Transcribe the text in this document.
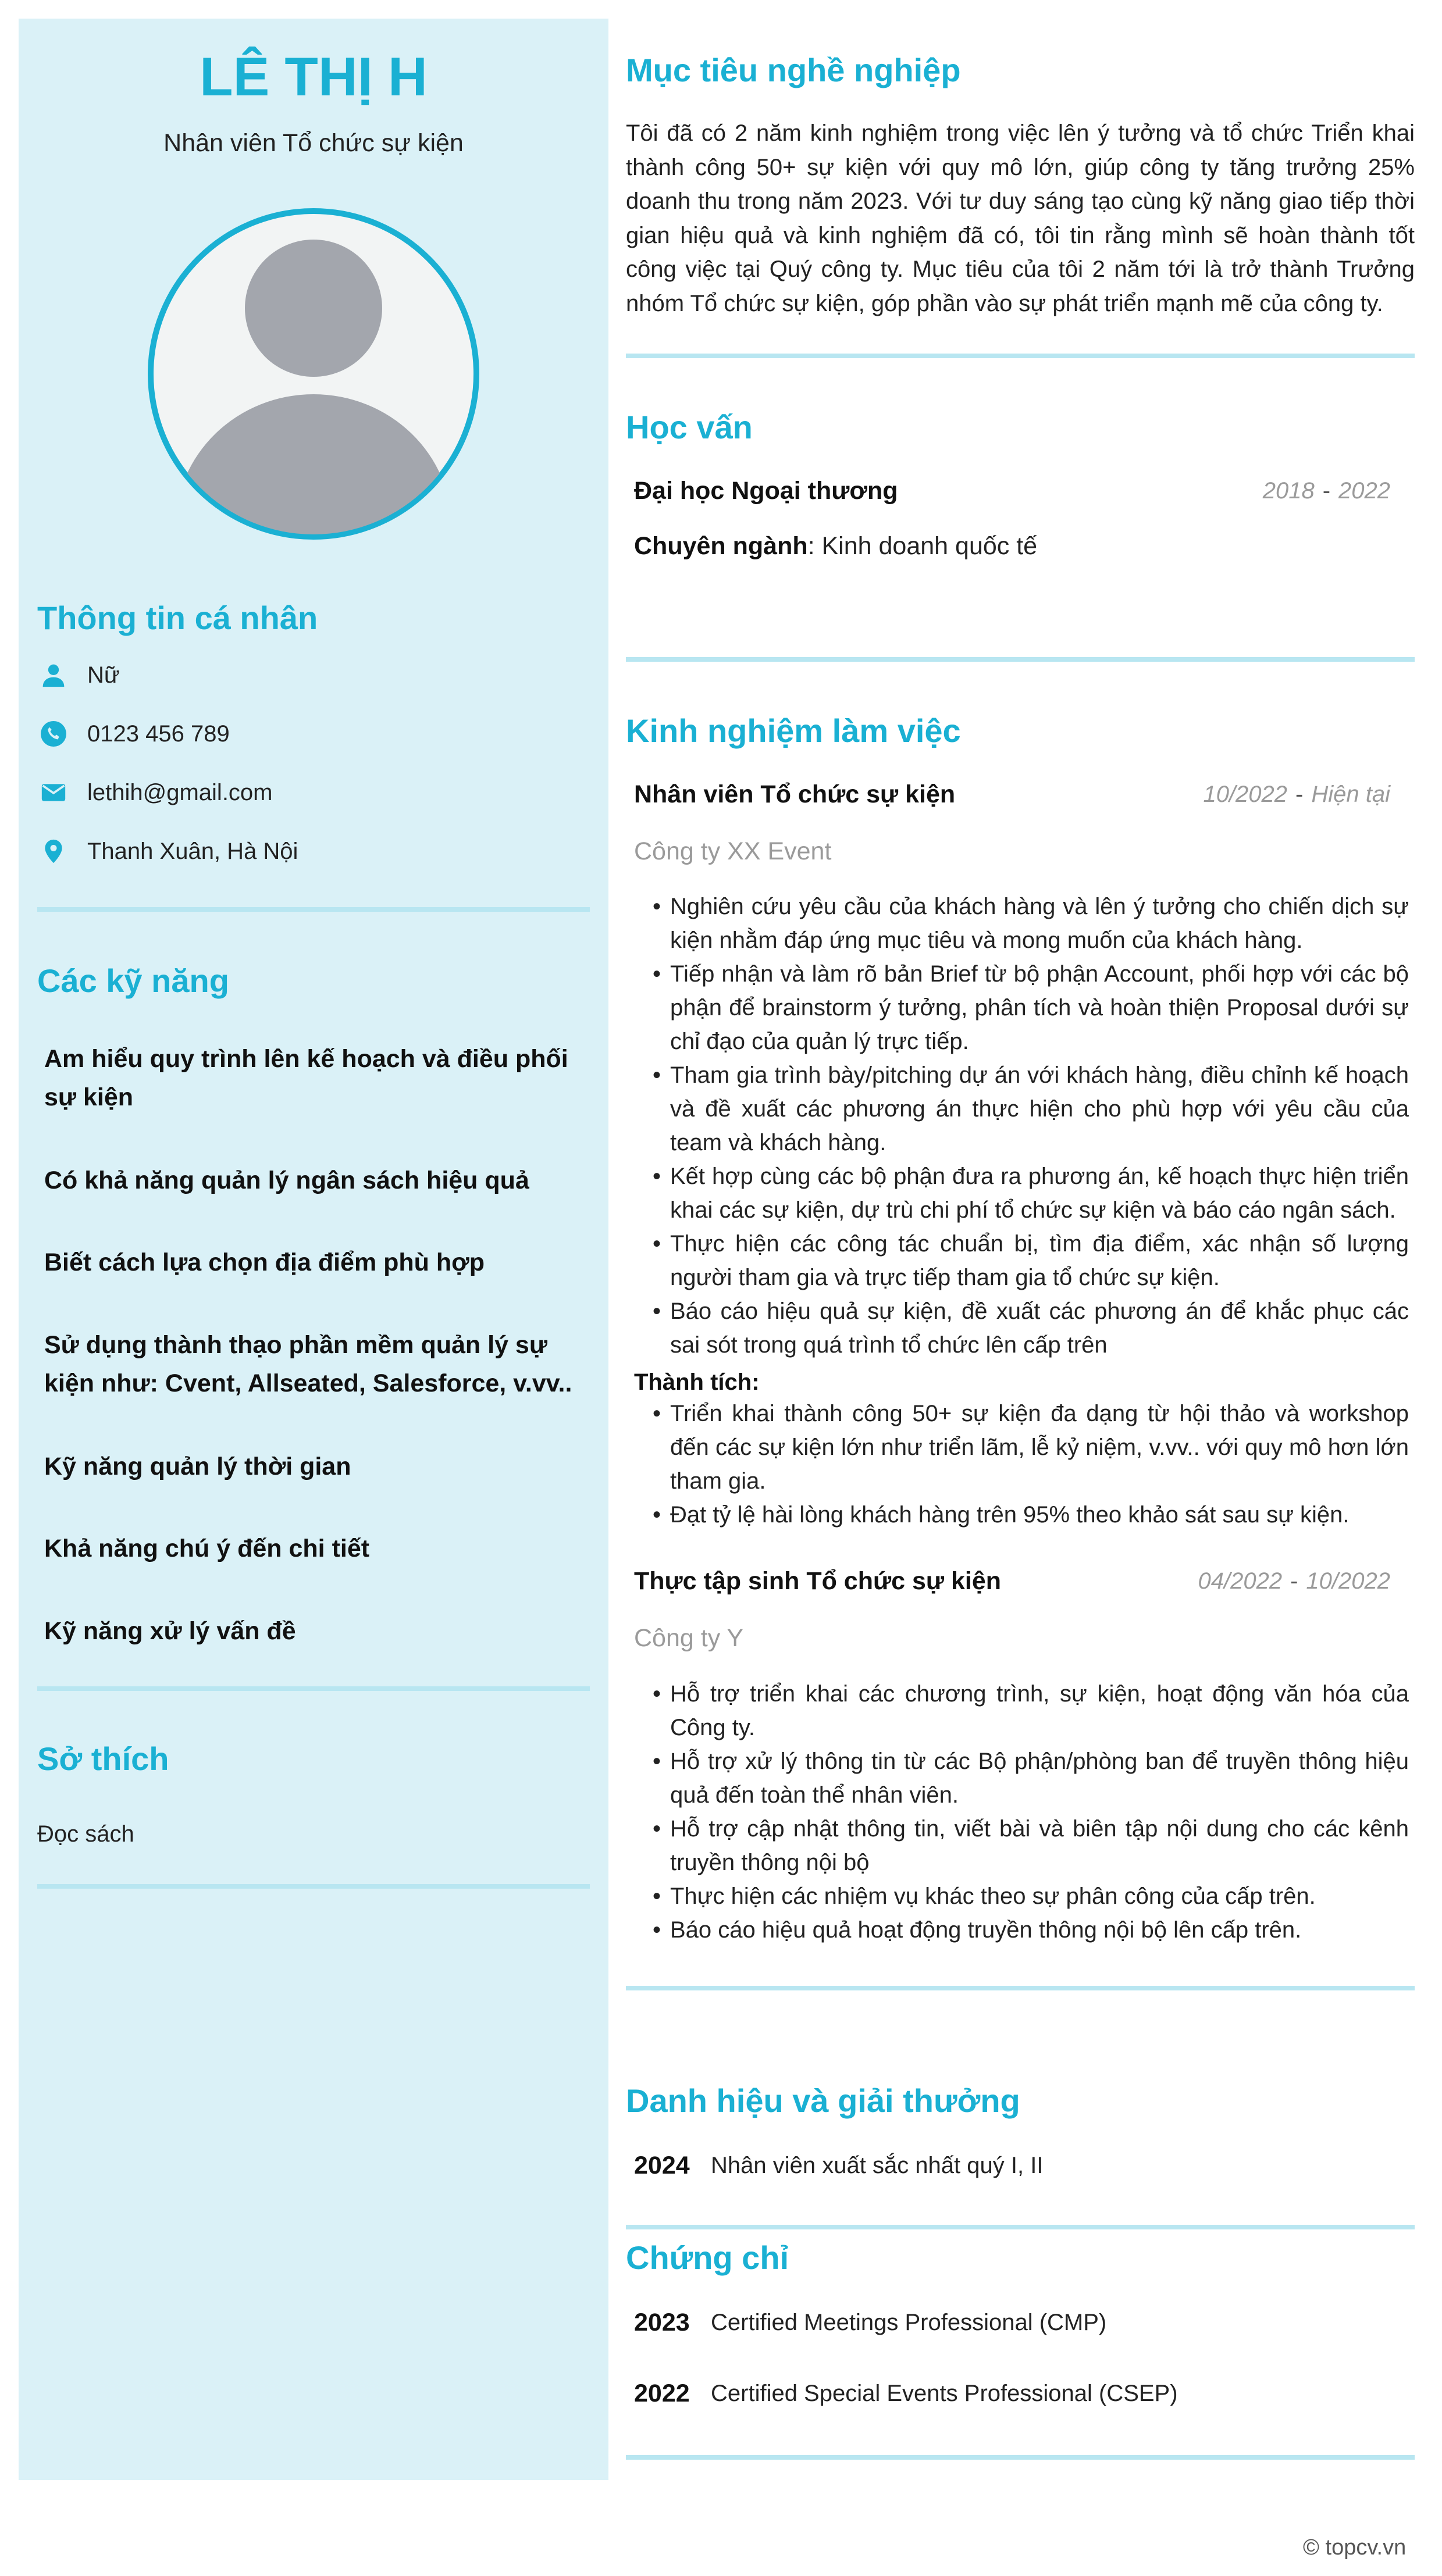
LÊ THỊ H
Nhân viên Tổ chức sự kiện
Thông tin cá nhân
Nữ
0123 456 789
lethih@gmail.com
Thanh Xuân, Hà Nội
Các kỹ năng
Am hiểu quy trình lên kế hoạch và điều phối sự kiện
Có khả năng quản lý ngân sách hiệu quả
Biết cách lựa chọn địa điểm phù hợp
Sử dụng thành thạo phần mềm quản lý sự kiện như: Cvent, Allseated, Salesforce, v.vv..
Kỹ năng quản lý thời gian
Khả năng chú ý đến chi tiết
Kỹ năng xử lý vấn đề
Sở thích
Đọc sách
Mục tiêu nghề nghiệp
Tôi đã có 2 năm kinh nghiệm trong việc lên ý tưởng và tổ chức Triển khai thành công 50+ sự kiện với quy mô lớn, giúp công ty tăng trưởng 25% doanh thu trong năm 2023. Với tư duy sáng tạo cùng kỹ năng giao tiếp thời gian hiệu quả và kinh nghiệm đã có, tôi tin rằng mình sẽ hoàn thành tốt công việc tại Quý công ty. Mục tiêu của tôi 2 năm tới là trở thành Trưởng nhóm Tổ chức sự kiện, góp phần vào sự phát triển mạnh mẽ của công ty.
Học vấn
Đại học Ngoại thương	2018 - 2022
Chuyên ngành: Kinh doanh quốc tế
Kinh nghiệm làm việc
Nhân viên Tổ chức sự kiện	10/2022 - Hiện tại
Công ty XX Event
• Nghiên cứu yêu cầu của khách hàng và lên ý tưởng cho chiến dịch sự kiện nhằm đáp ứng mục tiêu và mong muốn của khách hàng.
• Tiếp nhận và làm rõ bản Brief từ bộ phận Account, phối hợp với các bộ phận để brainstorm ý tưởng, phân tích và hoàn thiện Proposal dưới sự chỉ đạo của quản lý trực tiếp.
• Tham gia trình bày/pitching dự án với khách hàng, điều chỉnh kế hoạch và đề xuất các phương án thực hiện cho phù hợp với yêu cầu của team và khách hàng.
• Kết hợp cùng các bộ phận đưa ra phương án, kế hoạch thực hiện triển khai các sự kiện, dự trù chi phí tổ chức sự kiện và báo cáo ngân sách.
• Thực hiện các công tác chuẩn bị, tìm địa điểm, xác nhận số lượng người tham gia và trực tiếp tham gia tổ chức sự kiện.
• Báo cáo hiệu quả sự kiện, đề xuất các phương án để khắc phục các sai sót trong quá trình tổ chức lên cấp trên
Thành tích:
• Triển khai thành công 50+ sự kiện đa dạng từ hội thảo và workshop đến các sự kiện lớn như triển lãm, lễ kỷ niệm, v.vv.. với quy mô hơn lớn tham gia.
• Đạt tỷ lệ hài lòng khách hàng trên 95% theo khảo sát sau sự kiện.
Thực tập sinh Tổ chức sự kiện	04/2022 - 10/2022
Công ty Y
• Hỗ trợ triển khai các chương trình, sự kiện, hoạt động văn hóa của Công ty.
• Hỗ trợ xử lý thông tin từ các Bộ phận/phòng ban để truyền thông hiệu quả đến toàn thể nhân viên.
• Hỗ trợ cập nhật thông tin, viết bài và biên tập nội dung cho các kênh truyền thông nội bộ
• Thực hiện các nhiệm vụ khác theo sự phân công của cấp trên.
• Báo cáo hiệu quả hoạt động truyền thông nội bộ lên cấp trên.
Danh hiệu và giải thưởng
2024 Nhân viên xuất sắc nhất quý I, II
Chứng chỉ
2023 Certified Meetings Professional (CMP)
2022 Certified Special Events Professional (CSEP)
© topcv.vn
